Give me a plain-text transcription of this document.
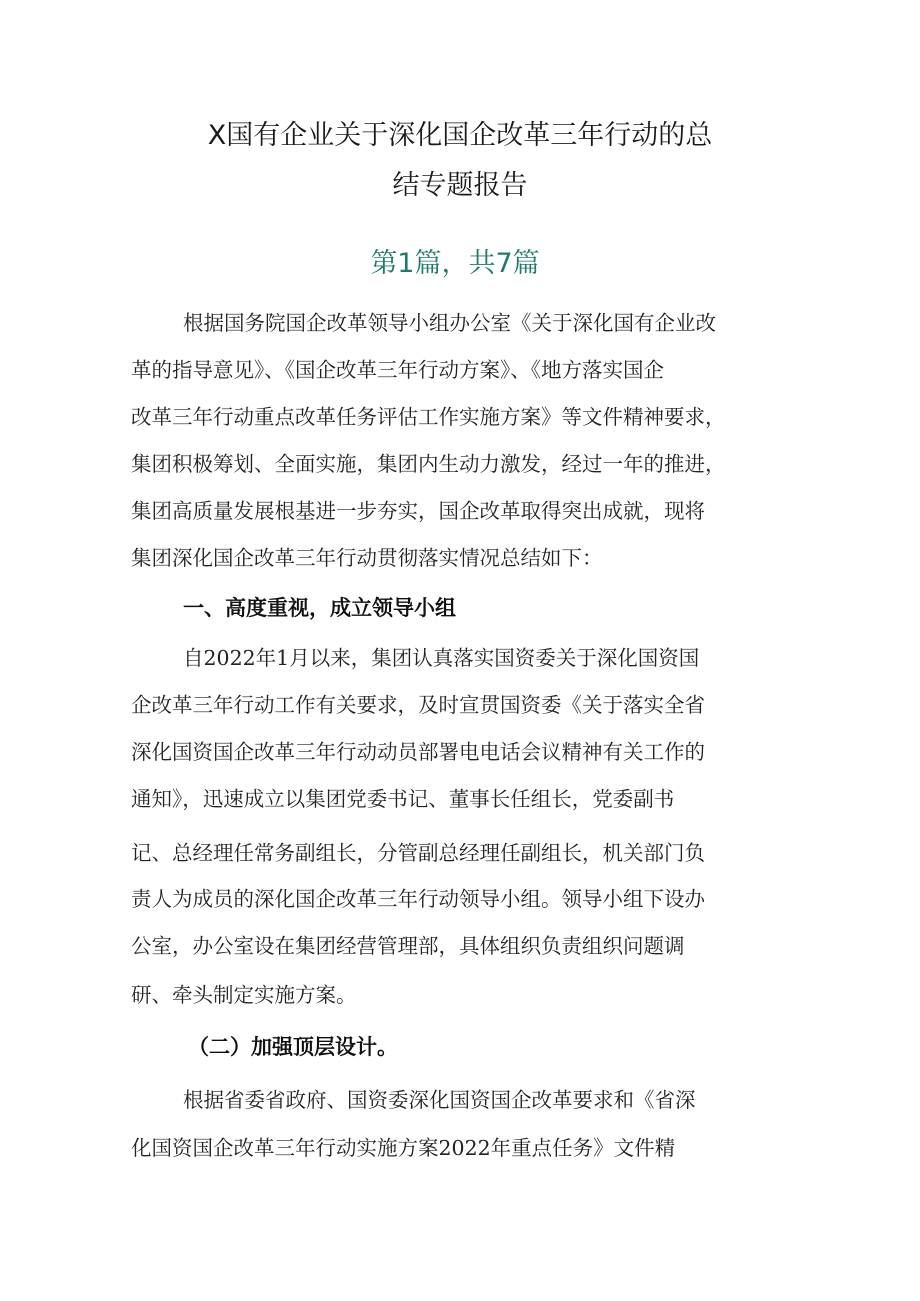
X国有企业关于深化国企改革三年行动的总
结专题报告
第1篇，共7篇
根据国务院国企改革领导小组办公室《关于深化国有企业改
革的指导意见》、《国企改革三年行动方案》、《地方落实国企
改革三年行动重点改革任务评估工作实施方案》等文件精神要求，
集团积极筹划、全面实施，集团内生动力激发，经过一年的推进，
集团高质量发展根基进一步夯实，国企改革取得突出成就，现将
集团深化国企改革三年行动贯彻落实情况总结如下：
一、高度重视，成立领导小组
自2022年1月以来，集团认真落实国资委关于深化国资国
企改革三年行动工作有关要求，及时宣贯国资委《关于落实全省
深化国资国企改革三年行动动员部署电电话会议精神有关工作的
通知》，迅速成立以集团党委书记、董事长任组长，党委副书
记、总经理任常务副组长，分管副总经理任副组长，机关部门负
责人为成员的深化国企改革三年行动领导小组。领导小组下设办
公室，办公室设在集团经营管理部，具体组织负责组织问题调
研、牵头制定实施方案。
（二）加强顶层设计。
根据省委省政府、国资委深化国资国企改革要求和《省深
化国资国企改革三年行动实施方案2022年重点任务》文件精
